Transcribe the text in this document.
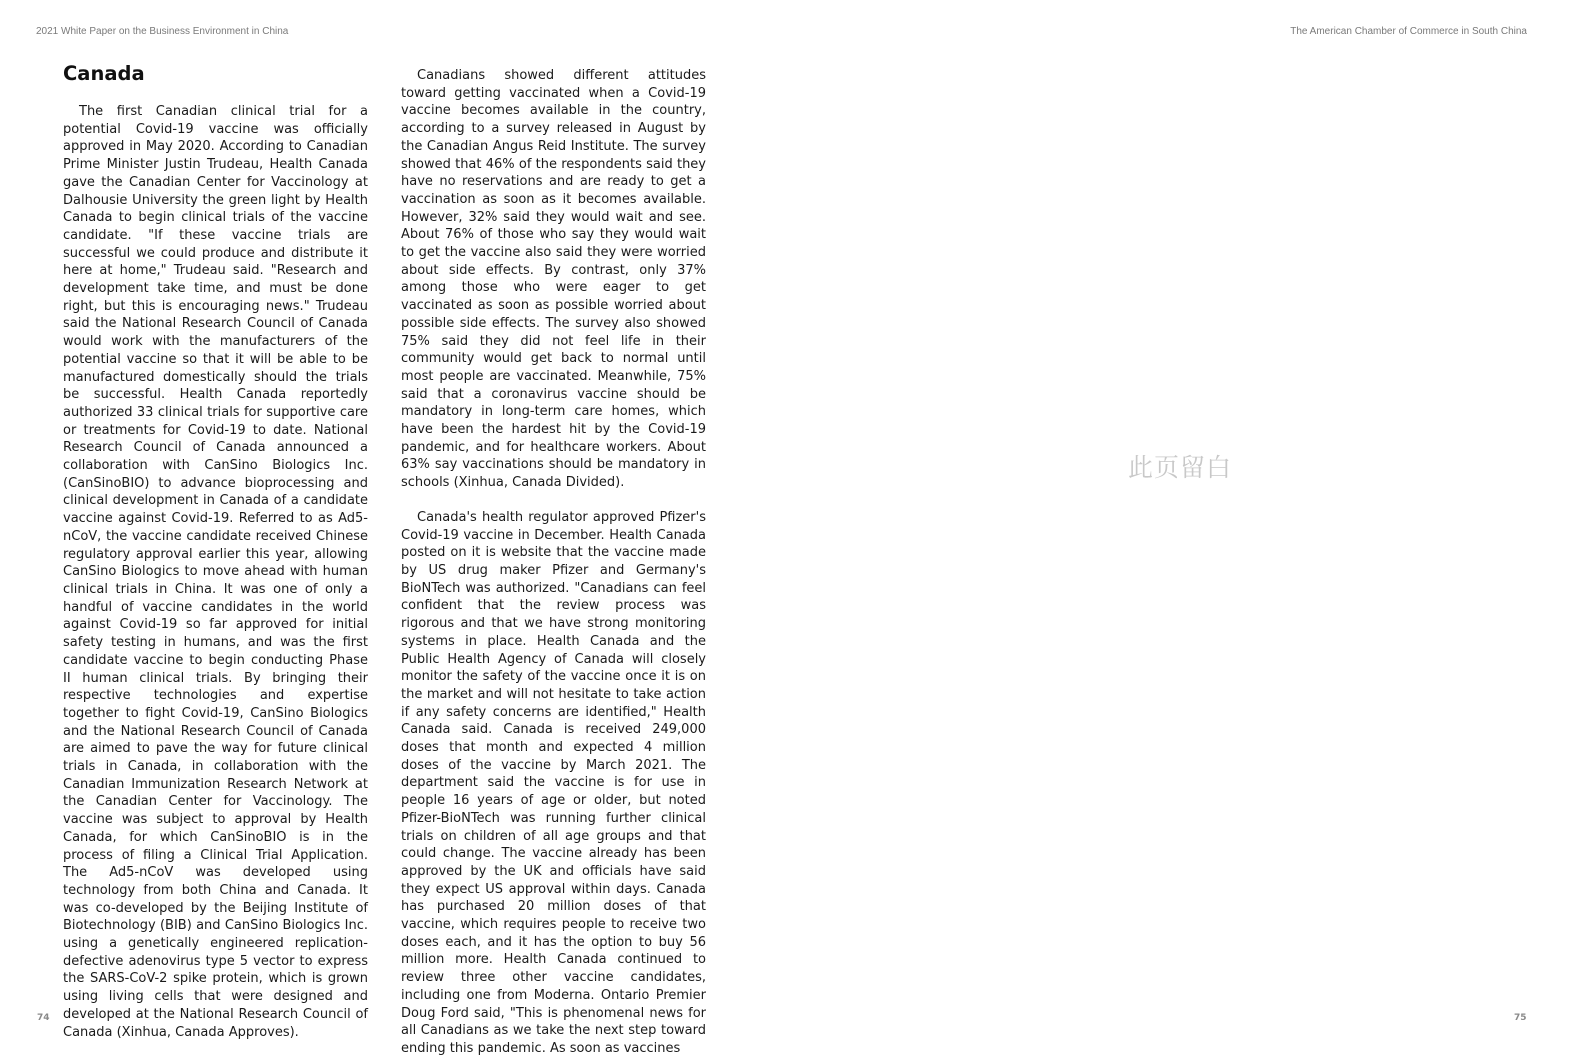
2021 White Paper on the Business Environment in China	The American Chamber of Commerce in South China
Canada

The first Canadian clinical trial for a potential Covid-19 vaccine was officially approved in May 2020. According to Canadian Prime Minister Justin Trudeau, Health Canada gave the Canadian Center for Vaccinology at Dalhousie University the green light by Health Canada to begin clinical trials of the vaccine candidate. "If these vaccine trials are successful we could produce and distribute it here at home," Trudeau said. "Research and development take time, and must be done right, but this is encouraging news." Trudeau said the National Research Council of Canada would work with the manufacturers of the potential vaccine so that it will be able to be manufactured domestically should the trials be successful. Health Canada reportedly authorized 33 clinical trials for supportive care or treatments for Covid-19 to date. National Research Council of Canada announced a collaboration with CanSino Biologics Inc. (CanSinoBIO) to advance bioprocessing and clinical development in Canada of a candidate vaccine against Covid-19. Referred to as Ad5-nCoV, the vaccine candidate received Chinese regulatory approval earlier this year, allowing CanSino Biologics to move ahead with human clinical trials in China. It was one of only a handful of vaccine candidates in the world against Covid-19 so far approved for initial safety testing in humans, and was the first candidate vaccine to begin conducting Phase II human clinical trials. By bringing their respective technologies and expertise together to fight Covid-19, CanSino Biologics and the National Research Council of Canada are aimed to pave the way for future clinical trials in Canada, in collaboration with the Canadian Immunization Research Network at the Canadian Center for Vaccinology. The vaccine was subject to approval by Health Canada, for which CanSinoBIO is in the process of filing a Clinical Trial Application. The Ad5-nCoV was developed using technology from both China and Canada. It was co-developed by the Beijing Institute of Biotechnology (BIB) and CanSino Biologics Inc. using a genetically engineered replication-defective adenovirus type 5 vector to express the SARS-CoV-2 spike protein, which is grown using living cells that were designed and developed at the National Research Council of Canada (Xinhua, Canada Approves).

Canadians showed different attitudes toward getting vaccinated when a Covid-19 vaccine becomes available in the country, according to a survey released in August by the Canadian Angus Reid Institute. The survey showed that 46% of the respondents said they have no reservations and are ready to get a vaccination as soon as it becomes available. However, 32% said they would wait and see. About 76% of those who say they would wait to get the vaccine also said they were worried about side effects. By contrast, only 37% among those who were eager to get vaccinated as soon as possible worried about possible side effects. The survey also showed 75% said they did not feel life in their community would get back to normal until most people are vaccinated. Meanwhile, 75% said that a coronavirus vaccine should be mandatory in long-term care homes, which have been the hardest hit by the Covid-19 pandemic, and for healthcare workers. About 63% say vaccinations should be mandatory in schools (Xinhua, Canada Divided).

Canada's health regulator approved Pfizer's Covid-19 vaccine in December. Health Canada posted on it is website that the vaccine made by US drug maker Pfizer and Germany's BioNTech was authorized. "Canadians can feel confident that the review process was rigorous and that we have strong monitoring systems in place. Health Canada and the Public Health Agency of Canada will closely monitor the safety of the vaccine once it is on the market and will not hesitate to take action if any safety concerns are identified," Health Canada said. Canada is received 249,000 doses that month and expected 4 million doses of the vaccine by March 2021. The department said the vaccine is for use in people 16 years of age or older, but noted Pfizer-BioNTech was running further clinical trials on children of all age groups and that could change. The vaccine already has been approved by the UK and officials have said they expect US approval within days. Canada has purchased 20 million doses of that vaccine, which requires people to receive two doses each, and it has the option to buy 56 million more. Health Canada continued to review three other vaccine candidates, including one from Moderna. Ontario Premier Doug Ford said, "This is phenomenal news for all Canadians as we take the next step toward ending this pandemic. As soon as vaccines

此页留白
74	75
